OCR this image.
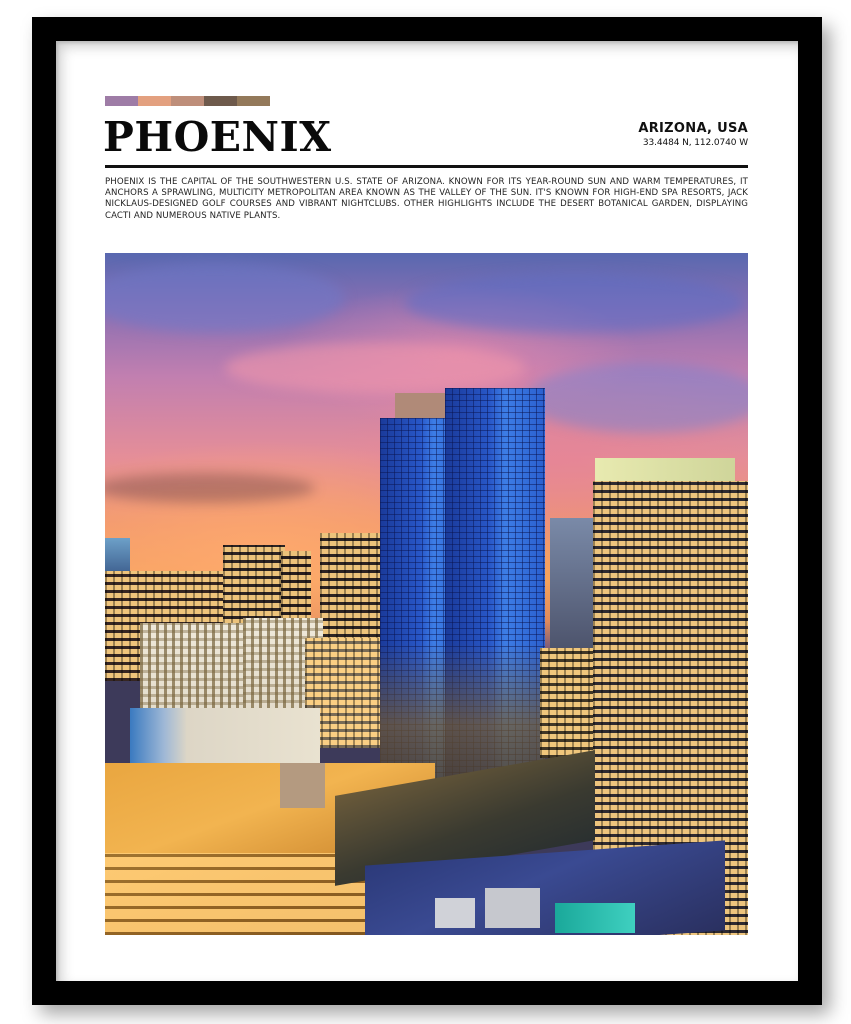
PHOENIX	ARIZONA, USA
33.4484 N, 112.0740 W
PHOENIX IS THE CAPITAL OF THE SOUTHWESTERN U.S. STATE OF ARIZONA. KNOWN FOR ITS YEAR-ROUND SUN AND WARM TEMPERATURES, IT ANCHORS A SPRAWLING, MULTICITY METROPOLITAN AREA KNOWN AS THE VALLEY OF THE SUN. IT'S KNOWN FOR HIGH-END SPA RESORTS, JACK NICKLAUS-DESIGNED GOLF COURSES AND VIBRANT NIGHTCLUBS. OTHER HIGHLIGHTS INCLUDE THE DESERT BOTANICAL GARDEN, DISPLAYING CACTI AND NUMEROUS NATIVE PLANTS.
